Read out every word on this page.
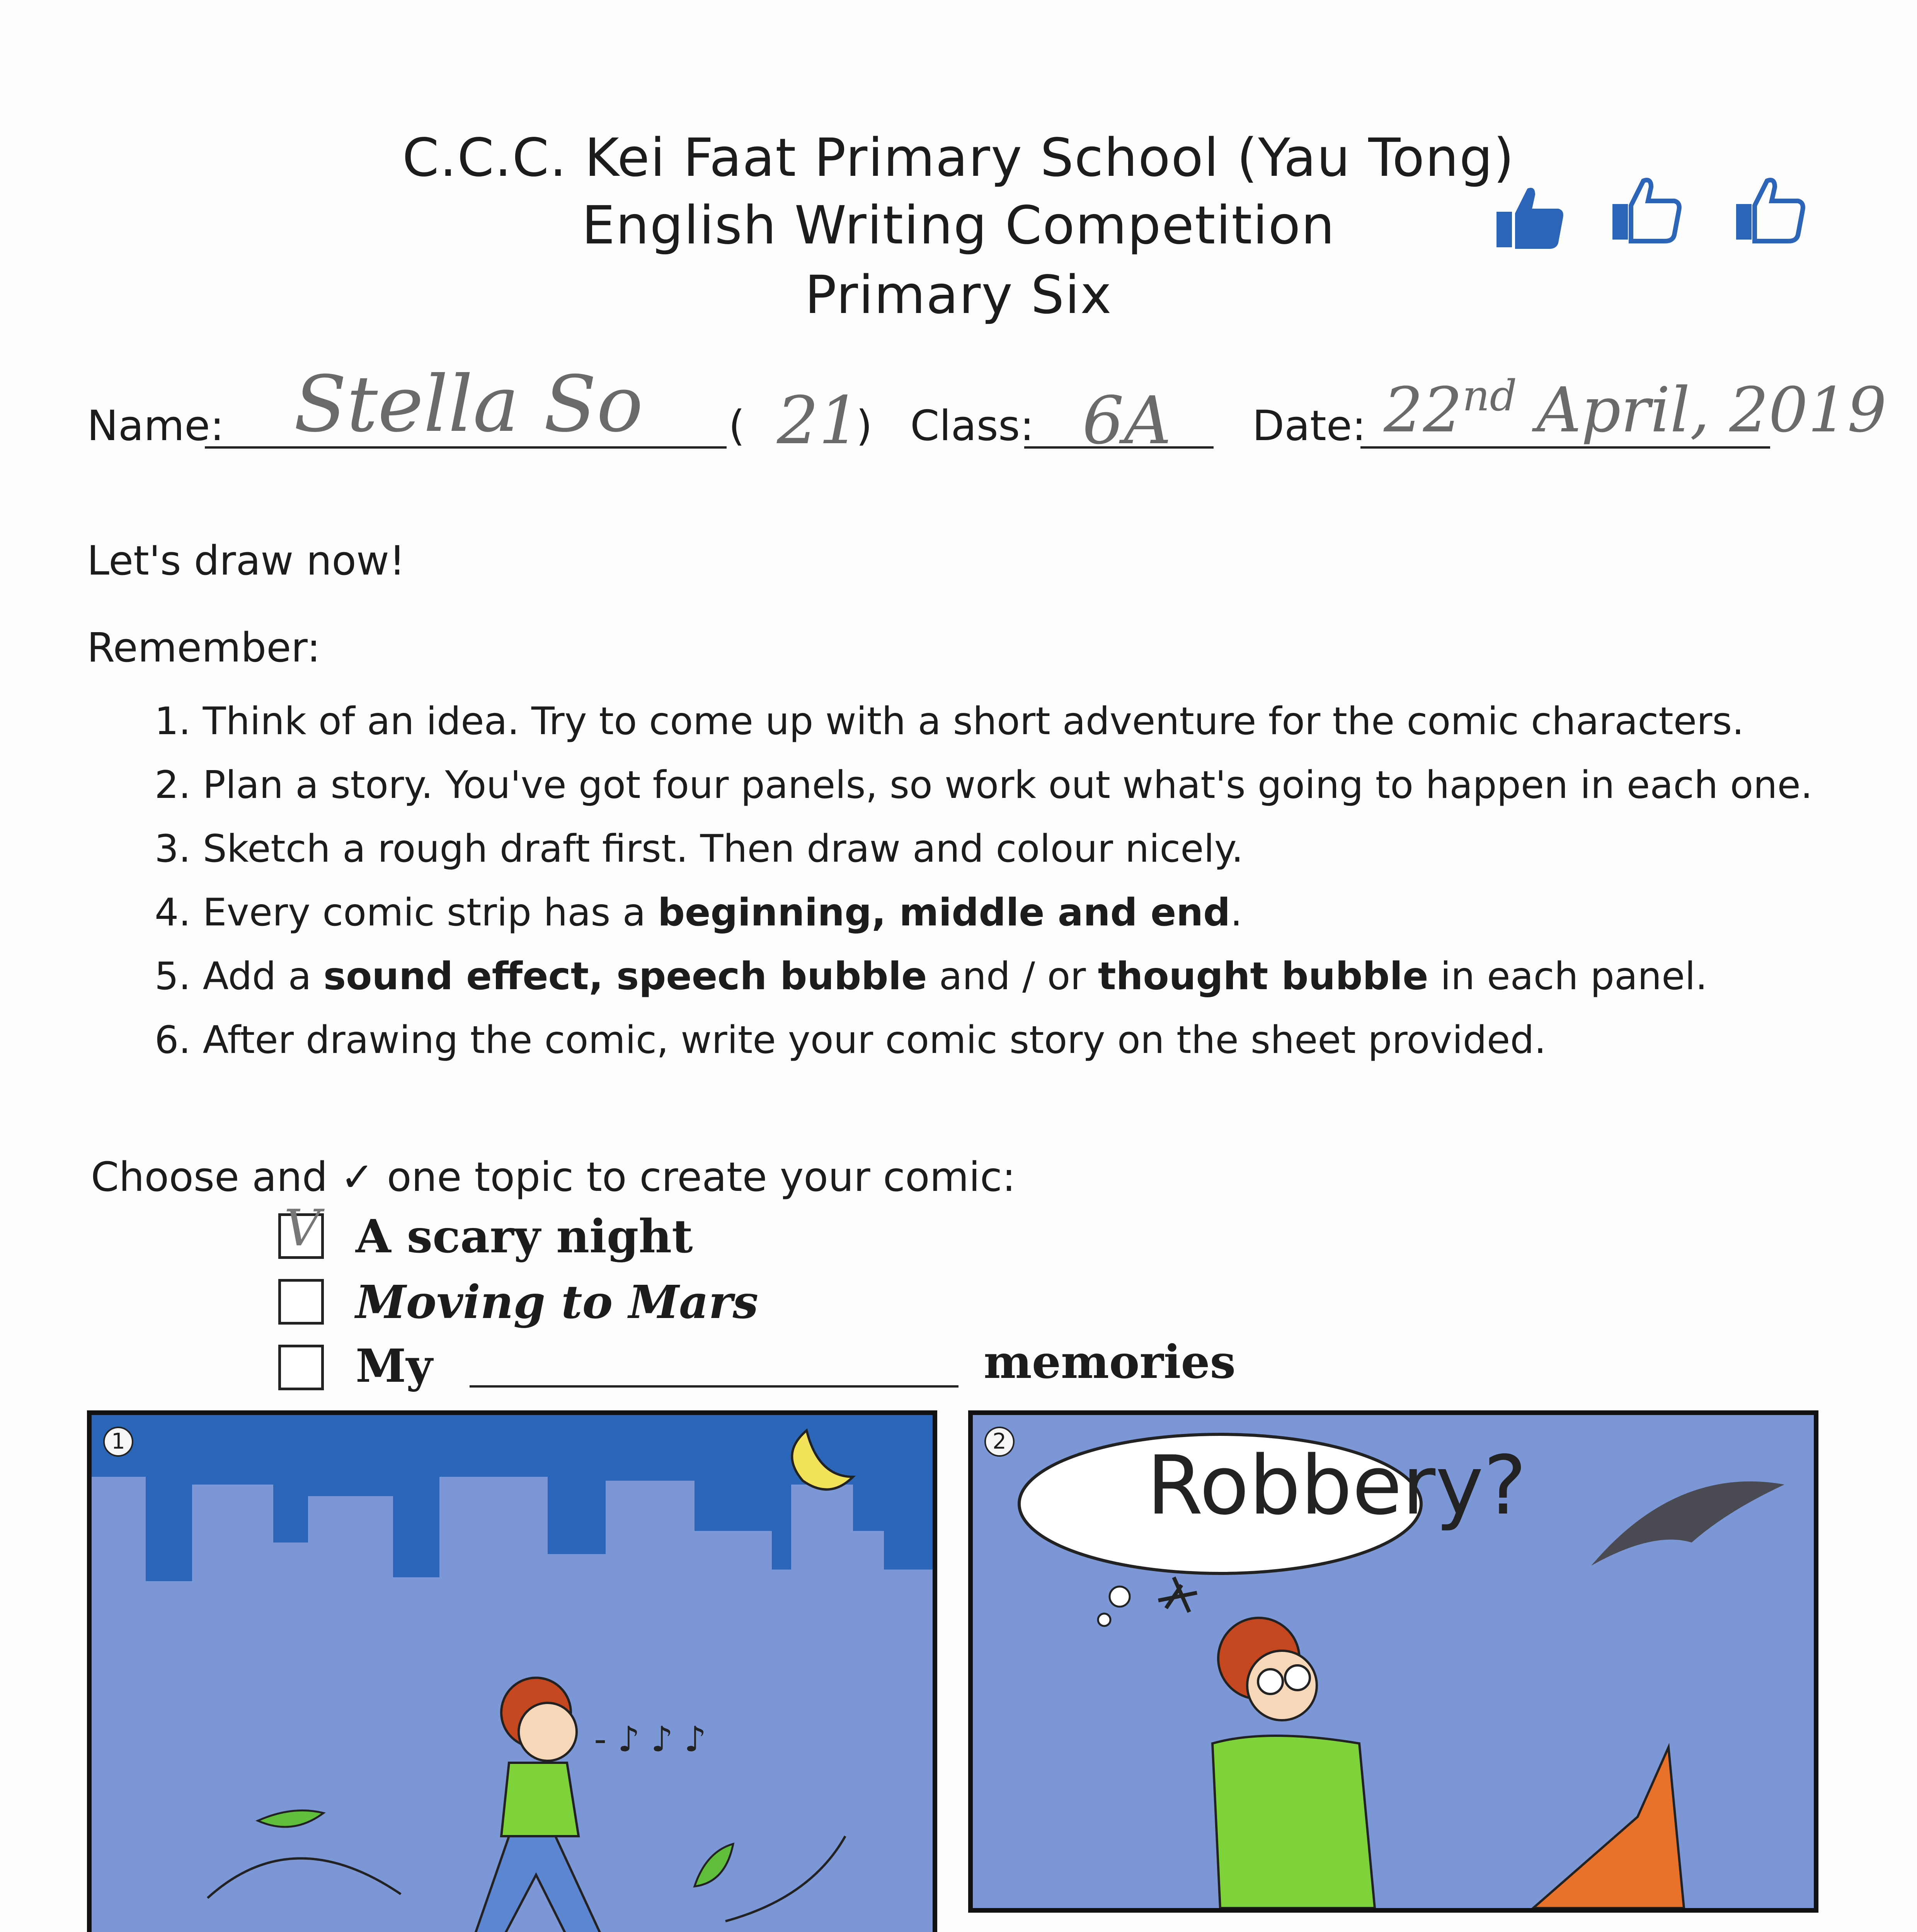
C.C.C. Kei Faat Primary School (Yau Tong)
English Writing Competition
Primary Six
Name: Stella So ( 21
) Class: 6A Date: 22nd April, 2019
Let's draw now!
Remember:
1. Think of an idea. Try to come up with a short adventure for the comic characters.
2. Plan a story. You've got four panels, so work out what's going to happen in each one.
3. Sketch a rough draft first. Then draw and colour nicely.
4. Every comic strip has a beginning, middle and end.
5. Add a sound effect, speech bubble and / or thought bubble in each panel.
6. After drawing the comic, write your comic story on the sheet provided.
Choose and ✓ one topic to create your comic:
V A scary night
Moving to Mars
My	memories
- ♪ ♪ ♪
1	2 Robbery?
